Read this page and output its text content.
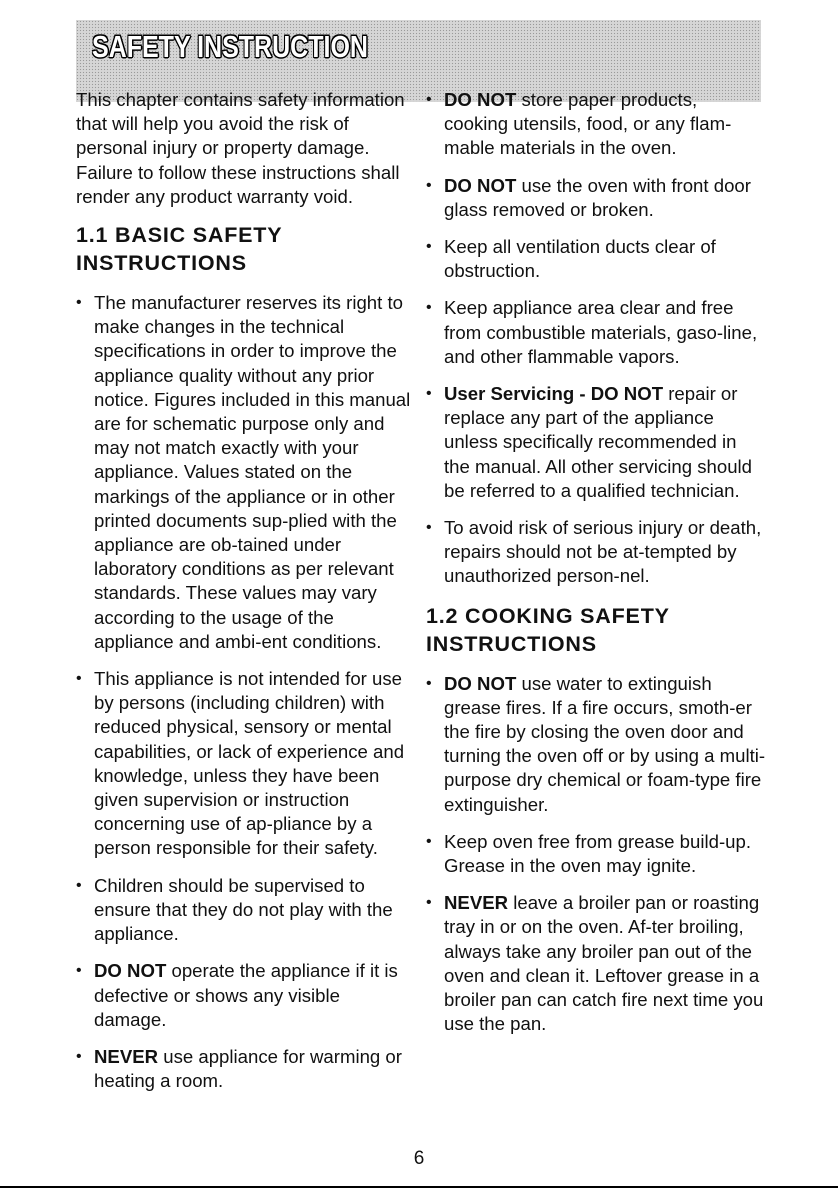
SAFETY INSTRUCTION

This chapter contains safety information that will help you avoid the risk of personal injury or property damage. Failure to follow these instructions shall render any product warranty void.

1.1 BASIC SAFETY
INSTRUCTIONS
• The manufacturer reserves its right to make changes in the technical specifications in order to improve the appliance quality without any prior notice. Figures included in this manual are for schematic purpose only and may not match exactly with your appliance. Values stated on the markings of the appliance or in other printed documents sup-plied with the appliance are ob-tained under laboratory conditions as per relevant standards. These values may vary according to the usage of the appliance and ambi-ent conditions.
• This appliance is not intended for use by persons (including children) with reduced physical, sensory or mental capabilities, or lack of experience and knowledge, unless they have been given supervision or instruction concerning use of ap-pliance by a person responsible for their safety.
• Children should be supervised to ensure that they do not play with the appliance.
• DO NOT operate the appliance if it is defective or shows any visible damage.
• NEVER use appliance for warming or heating a room.
• DO NOT store paper products, cooking utensils, food, or any flam-mable materials in the oven.
• DO NOT use the oven with front door glass removed or broken.
• Keep all ventilation ducts clear of obstruction.
• Keep appliance area clear and free from combustible materials, gaso-line, and other flammable vapors.
• User Servicing - DO NOT repair or replace any part of the appliance unless specifically recommended in the manual. All other servicing should be referred to a qualified technician.
• To avoid risk of serious injury or death, repairs should not be at-tempted by unauthorized person-nel.
1.2 COOKING SAFETY
INSTRUCTIONS
• DO NOT use water to extinguish grease fires. If a fire occurs, smoth-er the fire by closing the oven door and turning the oven off or by using a multi-purpose dry chemical or foam-type fire extinguisher.
• Keep oven free from grease build-up. Grease in the oven may ignite.
• NEVER leave a broiler pan or roasting tray in or on the oven. Af-ter broiling, always take any broiler pan out of the oven and clean it. Leftover grease in a broiler pan can catch fire next time you use the pan.
6
